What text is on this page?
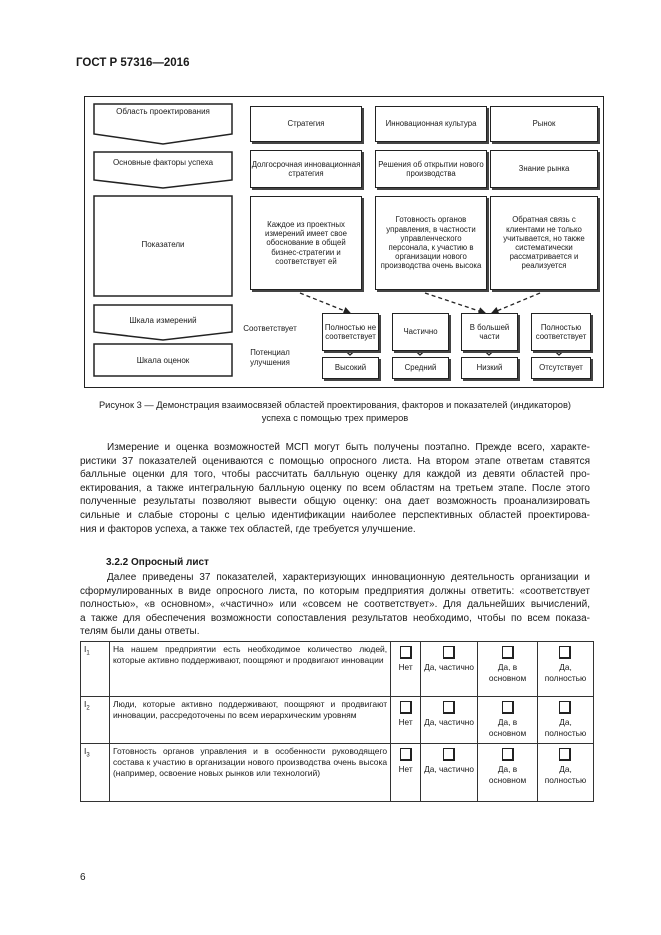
ГОСТ Р 57316—2016
Область проектирования
Основные факторы успеха
Показатели
Шкала измерений
Шкала оценок
Стратегия	Инновационная культура	Рынок
Долгосрочная инновационная стратегия
Решения об открытии нового производства
Знание рынка
Каждое из проектных измерений имеет свое обоснование в общей бизнес-стратегии и соответствует ей
Готовность органов управления, в частности управленческого персонала, к участию в организации нового производства очень высока
Обратная связь с клиентами не только учитывается, но также систематически рассматривается и реализуется
Соответствует
Потенциал улучшения
Полностью не соответствует
Частично
В большей части
Полностью соответствует
Высокий	Средний	Низкий	Отсутствует
Рисунок 3 — Демонстрация взаимосвязей областей проектирования, факторов и показателей (индикаторов)
успеха с помощью трех примеров
Измерение и оценка возможностей МСП могут быть получены поэтапно. Прежде всего, характе-
ристики 37 показателей оцениваются с помощью опросного листа. На втором этапе ответам ставятся
балльные оценки для того, чтобы рассчитать балльную оценку для каждой из девяти областей про-
ектирования, а также интегральную балльную оценку по всем областям на третьем этапе. После этого
полученные результаты позволяют вывести общую оценку: она дает возможность проанализировать
сильные и слабые стороны с целью идентификации наиболее перспективных областей проектирова-
ния и факторов успеха, а также тех областей, где требуется улучшение.
3.2.2 Опросный лист
Далее приведены 37 показателей, характеризующих инновационную деятельность организации и
сформулированных в виде опросного листа, по которым предприятия должны ответить: «соответствует
полностью», «в основном», «частично» или «совсем не соответствует». Для дальнейших вычислений,
а также для обеспечения возможности сопоставления результатов необходимо, чтобы по всем показа-
телям были даны ответы.
$I_1$	На нашем предприятии есть необходимое количество людей, которые активно поддерживают, поощряют и продвигают инновации	Нет	Да, частично	Да, в основном	Да, полностью
$I_2$	Люди, которые активно поддерживают, поощряют и продвигают инновации, рассредоточены по всем иерархическим уровням	Нет	Да, частично	Да, в основном	Да, полностью
$I_3$	Готовность органов управления и в особенности руководящего состава к участию в организации нового производства очень высока (например, освоение новых рынков или технологий)	Нет	Да, частично	Да, в основном	Да, полностью
6
